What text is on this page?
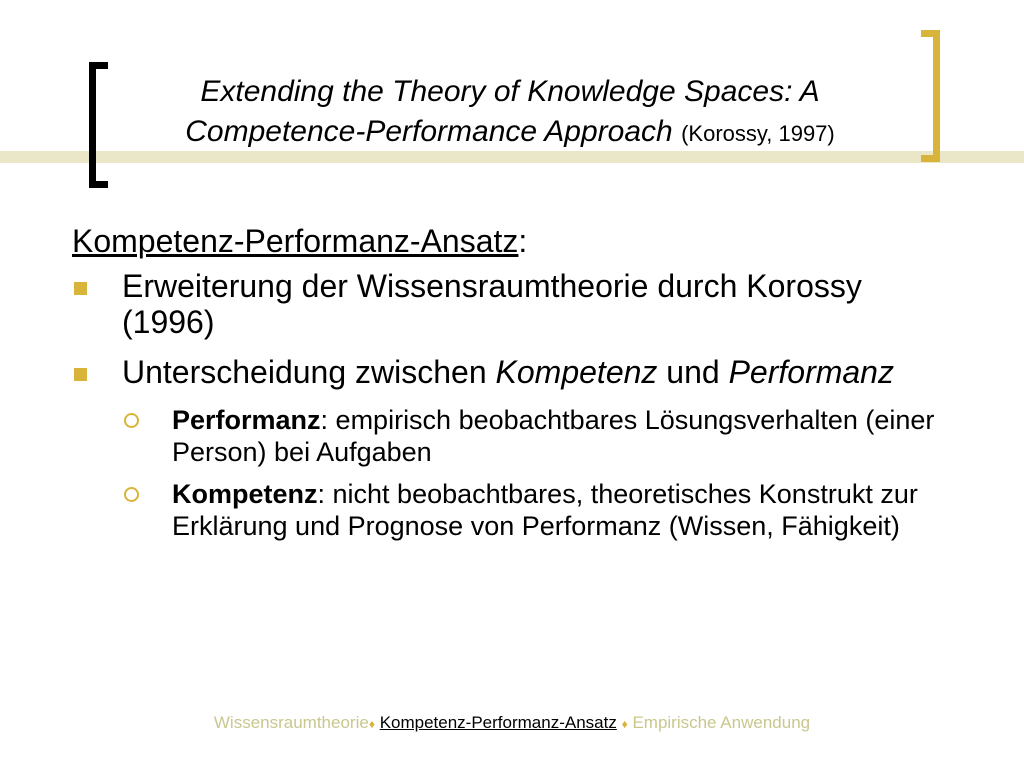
Extending the Theory of Knowledge Spaces: A
Competence-Performance Approach (Korossy, 1997)
Kompetenz-Performanz-Ansatz:
Erweiterung der Wissensraumtheorie durch Korossy (1996)
Unterscheidung zwischen Kompetenz und Performanz
Performanz: empirisch beobachtbares Lösungsverhalten (einer Person) bei Aufgaben
Kompetenz: nicht beobachtbares, theoretisches Konstrukt zur Erklärung und Prognose von Performanz (Wissen, Fähigkeit)
Wissensraumtheorie♦ Kompetenz-Performanz-Ansatz ♦ Empirische Anwendung
